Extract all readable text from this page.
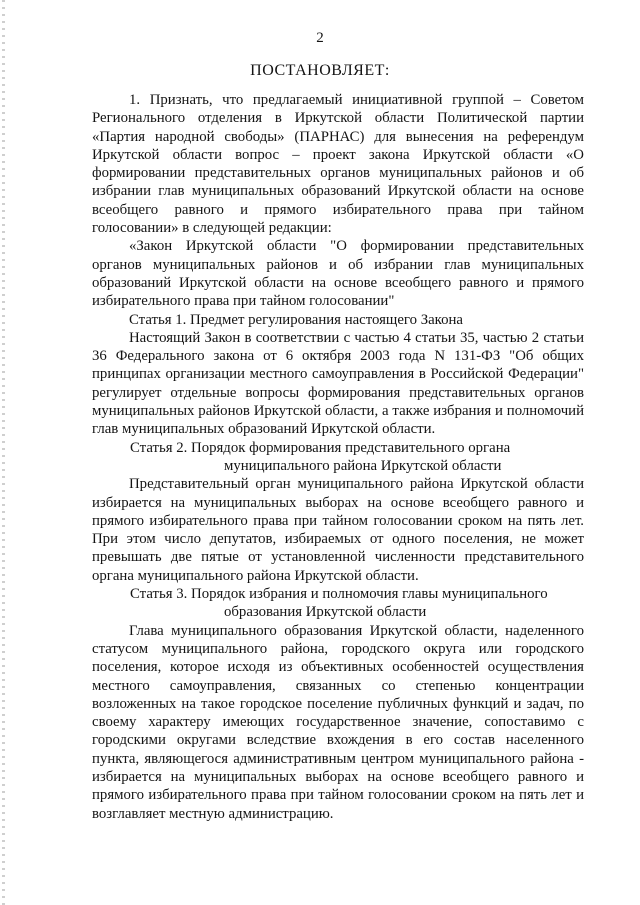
2
ПОСТАНОВЛЯЕТ:

1. Признать, что предлагаемый инициативной группой – Советом Регионального отделения в Иркутской области Политической партии «Партия народной свободы» (ПАРНАС) для вынесения на референдум Иркутской области вопрос – проект закона Иркутской области «О формировании представительных органов муниципальных районов и об избрании глав муниципальных образований Иркутской области на основе всеобщего равного и прямого избирательного права при тайном голосовании» в следующей редакции:

«Закон Иркутской области "О формировании представительных органов муниципальных районов и об избрании глав муниципальных образований Иркутской области на основе всеобщего равного и прямого избирательного права при тайном голосовании"

Статья 1. Предмет регулирования настоящего Закона

Настоящий Закон в соответствии с частью 4 статьи 35, частью 2 статьи 36 Федерального закона от 6 октября 2003 года N 131-ФЗ "Об общих принципах организации местного самоуправления в Российской Федерации" регулирует отдельные вопросы формирования представительных органов муниципальных районов Иркутской области, а также избрания и полномочий глав муниципальных образований Иркутской области.

Статья 2. Порядок формирования представительного органа муниципального района Иркутской области

Представительный орган муниципального района Иркутской области избирается на муниципальных выборах на основе всеобщего равного и прямого избирательного права при тайном голосовании сроком на пять лет. При этом число депутатов, избираемых от одного поселения, не может превышать две пятые от установленной численности представительного органа муниципального района Иркутской области.

Статья 3. Порядок избрания и полномочия главы муниципального образования Иркутской области

Глава муниципального образования Иркутской области, наделенного статусом муниципального района, городского округа или городского поселения, которое исходя из объективных особенностей осуществления местного самоуправления, связанных со степенью концентрации возложенных на такое городское поселение публичных функций и задач, по своему характеру имеющих государственное значение, сопоставимо с городскими округами вследствие вхождения в его состав населенного пункта, являющегося административным центром муниципального района - избирается на муниципальных выборах на основе всеобщего равного и прямого избирательного права при тайном голосовании сроком на пять лет и возглавляет местную администрацию.
